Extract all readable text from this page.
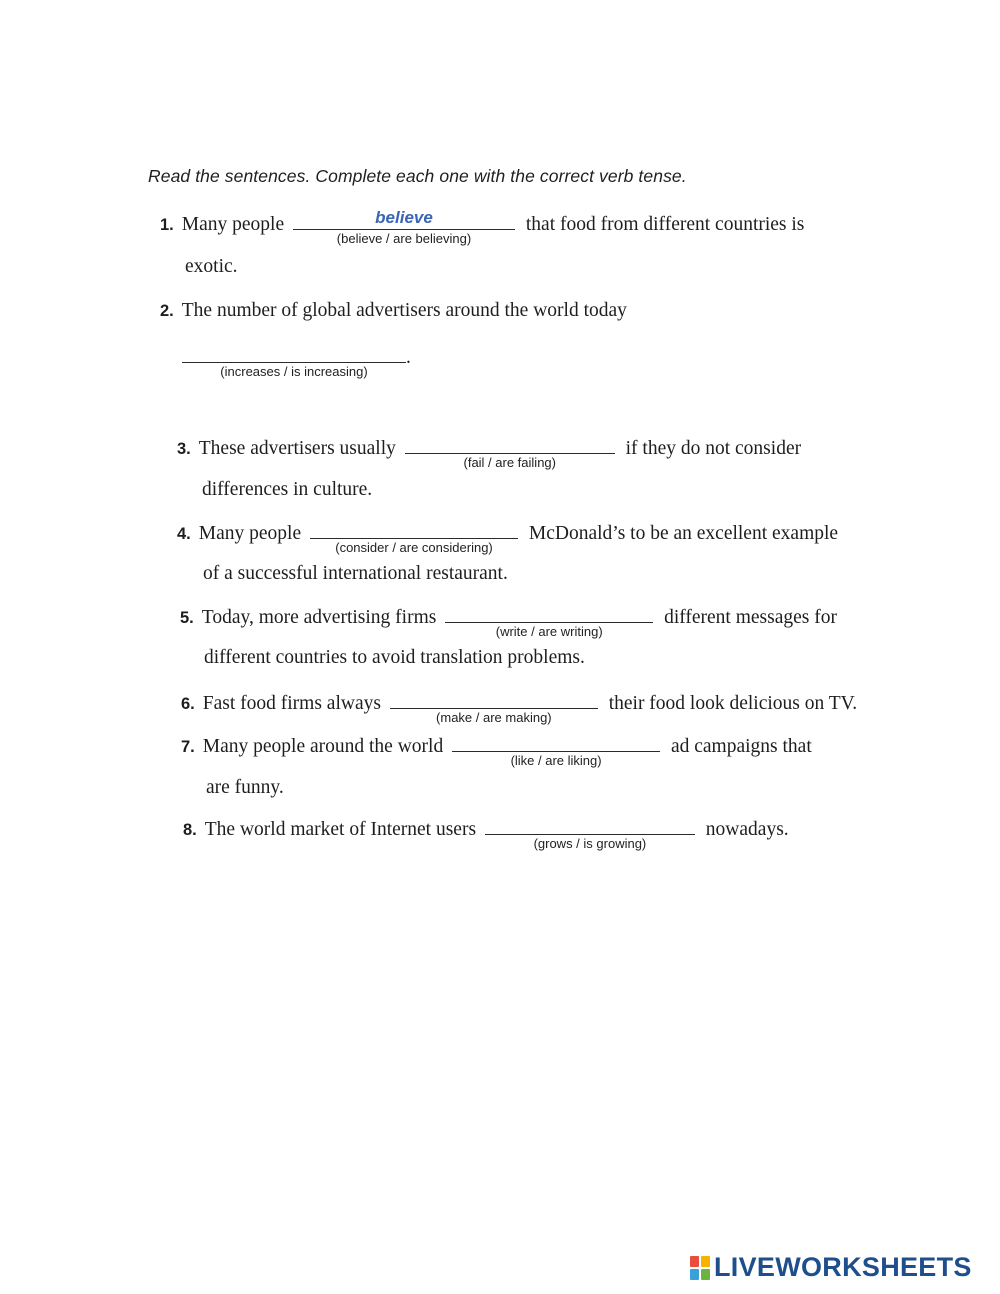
Read the sentences. Complete each one with the correct verb tense.
1. Many people	believe
(believe / are believing)
that food from different countries is
exotic.
2. The number of global advertisers around the world today
(increases / is increasing)
.
3. These advertisers usually
(fail / are failing)
if they do not consider
differences in culture.
4. Many people
(consider / are considering)
McDonald’s to be an excellent example
of a successful international restaurant.
5. Today, more advertising firms
(write / are writing)
different messages for
different countries to avoid translation problems.
6. Fast food firms always
(make / are making)
their food look delicious on TV.
7. Many people around the world
(like / are liking)
ad campaigns that
are funny.
8. The world market of Internet users
(grows / is growing)
nowadays.
LIVEWORKSHEETS
